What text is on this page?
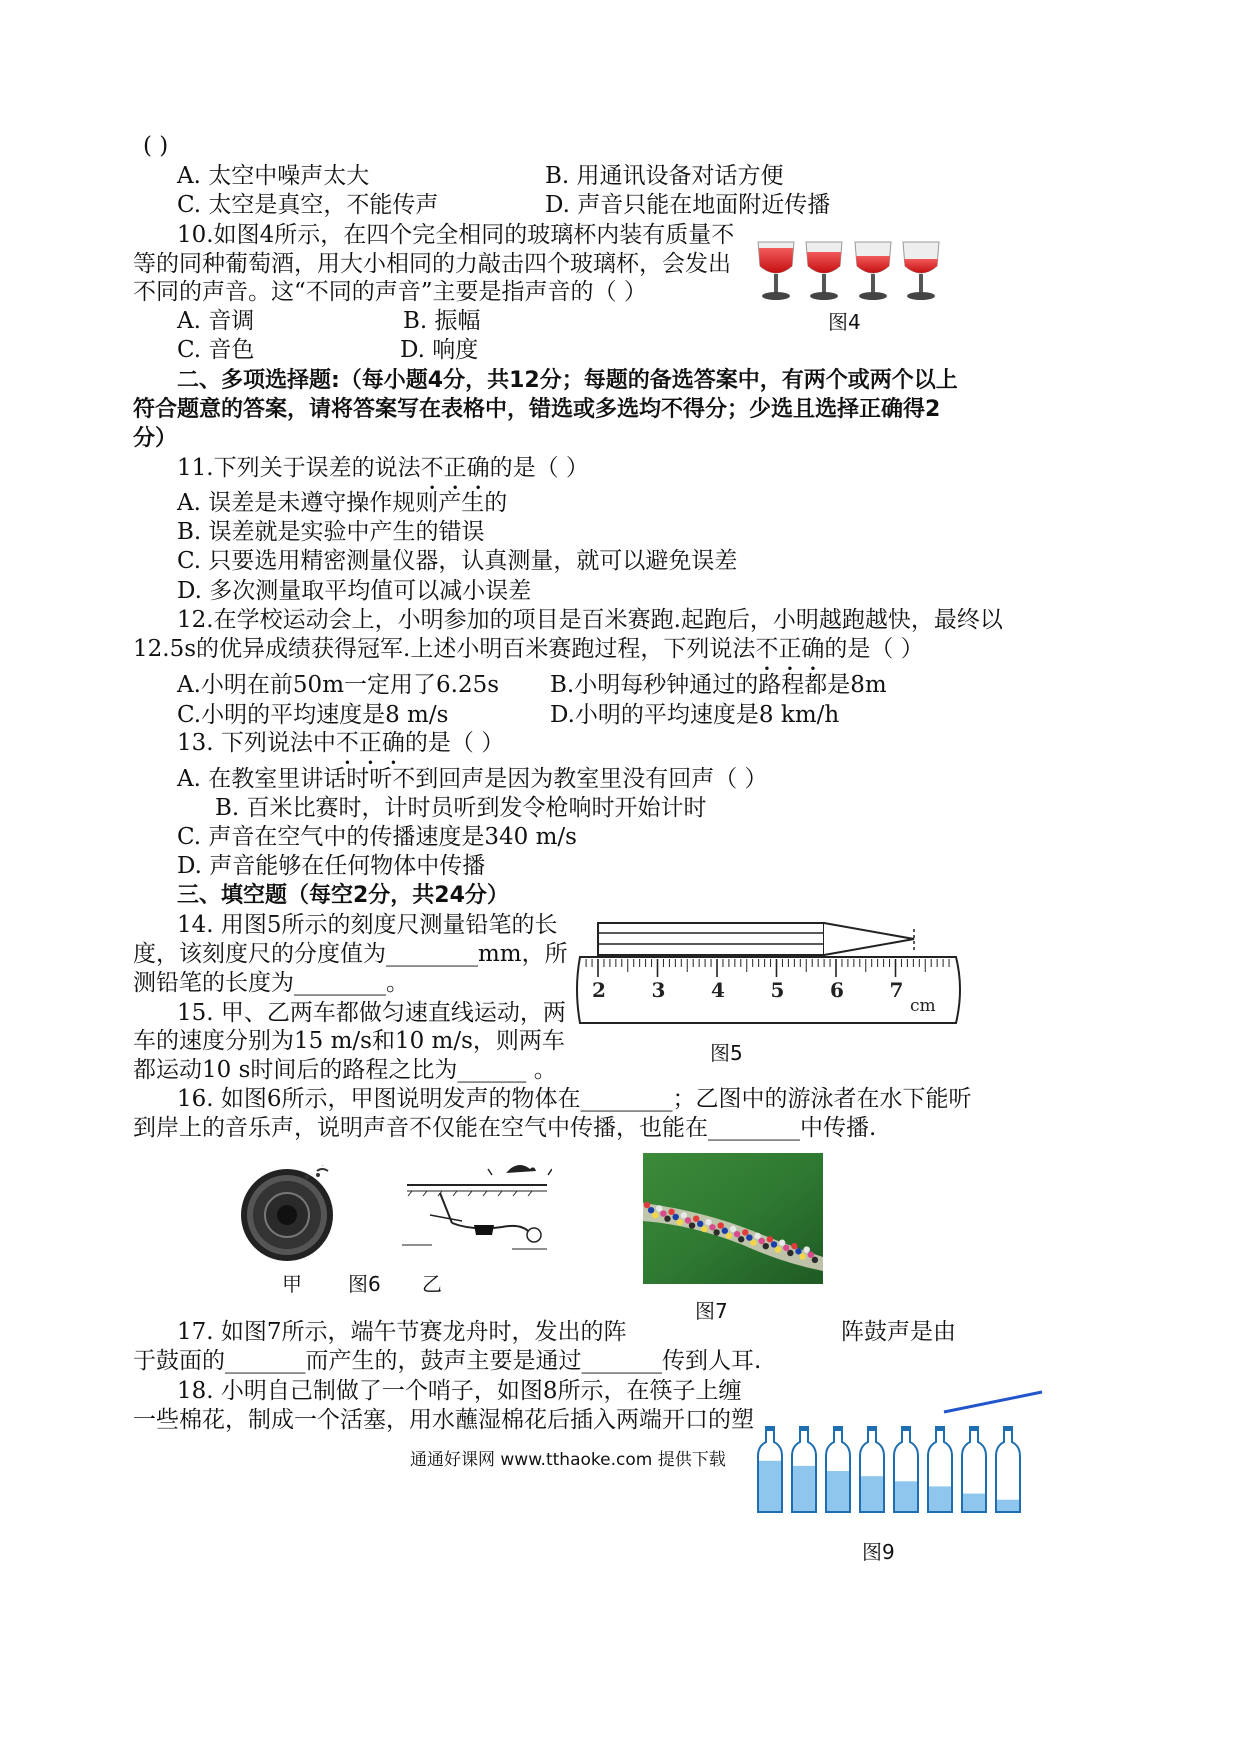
( )
A. 太空中噪声太大	B. 用通讯设备对话方便
C. 太空是真空，不能传声	D. 声音只能在地面附近传播
10.如图4所示，在四个完全相同的玻璃杯内装有质量不
等的同种葡萄酒，用大小相同的力敲击四个玻璃杯，会发出
不同的声音。这“不同的声音”主要是指声音的（ ）
A. 音调	B. 振幅
C. 音色	D. 响度
图4
二、多项选择题:（每小题4分，共12分；每题的备选答案中，有两个或两个以上
符合题意的答案，请将答案写在表格中，错选或多选均不得分；少选且选择正确得2
分）
11.下列关于误差的说法不正确的是（ ）
A. 误差是未遵守操作规则产生的
B. 误差就是实验中产生的错误
C. 只要选用精密测量仪器，认真测量，就可以避免误差
D. 多次测量取平均值可以减小误差
12.在学校运动会上，小明参加的项目是百米赛跑.起跑后，小明越跑越快，最终以
12.5s的优异成绩获得冠军.上述小明百米赛跑过程，下列说法不正确的是（ ）
A.小明在前50m一定用了6.25s B.小明每秒钟通过的路程都是8m
C.小明的平均速度是8 m/s	D.小明的平均速度是8 km/h
13. 下列说法中不正确的是（ ）
A. 在教室里讲话时听不到回声是因为教室里没有回声（ ）
B. 百米比赛时，计时员听到发令枪响时开始计时
C. 声音在空气中的传播速度是340 m/s
D. 声音能够在任何物体中传播
三、填空题（每空2分，共24分）
14. 用图5所示的刻度尺测量铅笔的长
度，该刻度尺的分度值为________mm，所
测铅笔的长度为________。	2 3 4 5 6 7
cm
图5
15. 甲、乙两车都做匀速直线运动，两
车的速度分别为15 m/s和10 m/s，则两车
都运动10 s时间后的路程之比为______ 。
16. 如图6所示，甲图说明发声的物体在________；乙图中的游泳者在水下能听
到岸上的音乐声，说明声音不仅能在空气中传播，也能在________中传播.
甲 图6 乙
图7
17. 如图7所示，端午节赛龙舟时，发出的阵	阵鼓声是由
于鼓面的_______而产生的，鼓声主要是通过_______传到人耳.
18. 小明自己制做了一个哨子，如图8所示，在筷子上缠
一些棉花，制成一个活塞，用水蘸湿棉花后插入两端开口的塑
图9
通通好课网 www.tthaoke.com 提供下载
